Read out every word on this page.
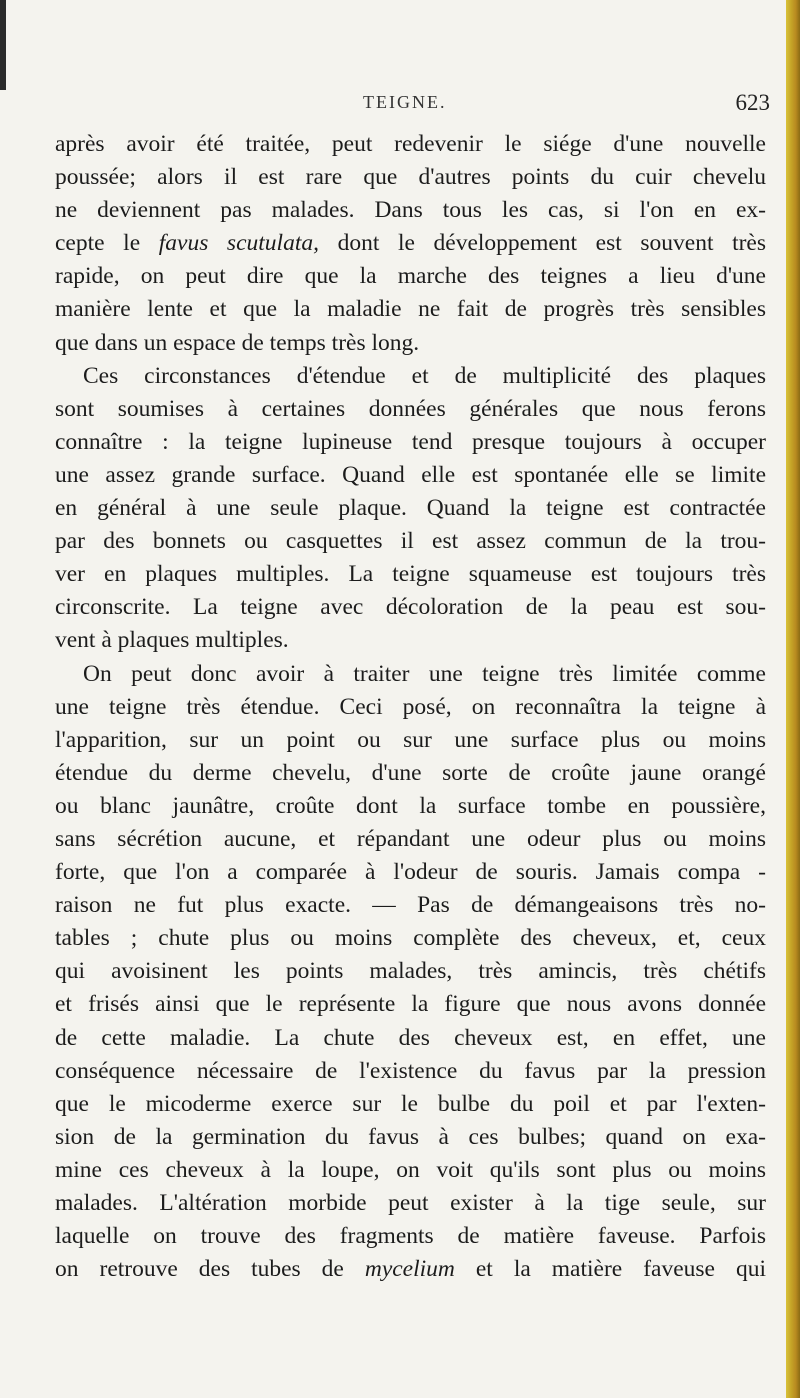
TEIGNE.	623
après avoir été traitée, peut redevenir le siége d'une nouvelle
poussée; alors il est rare que d'autres points du cuir chevelu
ne deviennent pas malades. Dans tous les cas, si l'on en ex-
cepte le favus scutulata, dont le développement est souvent très
rapide, on peut dire que la marche des teignes a lieu d'une
manière lente et que la maladie ne fait de progrès très sensibles
que dans un espace de temps très long.
Ces circonstances d'étendue et de multiplicité des plaques
sont soumises à certaines données générales que nous ferons
connaître : la teigne lupineuse tend presque toujours à occuper
une assez grande surface. Quand elle est spontanée elle se limite
en général à une seule plaque. Quand la teigne est contractée
par des bonnets ou casquettes il est assez commun de la trou-
ver en plaques multiples. La teigne squameuse est toujours très
circonscrite. La teigne avec décoloration de la peau est sou-
vent à plaques multiples.
On peut donc avoir à traiter une teigne très limitée comme
une teigne très étendue. Ceci posé, on reconnaîtra la teigne à
l'apparition, sur un point ou sur une surface plus ou moins
étendue du derme chevelu, d'une sorte de croûte jaune orangé
ou blanc jaunâtre, croûte dont la surface tombe en poussière,
sans sécrétion aucune, et répandant une odeur plus ou moins
forte, que l'on a comparée à l'odeur de souris. Jamais compa -
raison ne fut plus exacte. — Pas de démangeaisons très no-
tables ; chute plus ou moins complète des cheveux, et, ceux
qui avoisinent les points malades, très amincis, très chétifs
et frisés ainsi que le représente la figure que nous avons donnée
de cette maladie. La chute des cheveux est, en effet, une
conséquence nécessaire de l'existence du favus par la pression
que le micoderme exerce sur le bulbe du poil et par l'exten-
sion de la germination du favus à ces bulbes; quand on exa-
mine ces cheveux à la loupe, on voit qu'ils sont plus ou moins
malades. L'altération morbide peut exister à la tige seule, sur
laquelle on trouve des fragments de matière faveuse. Parfois
on retrouve des tubes de mycelium et la matière faveuse qui
